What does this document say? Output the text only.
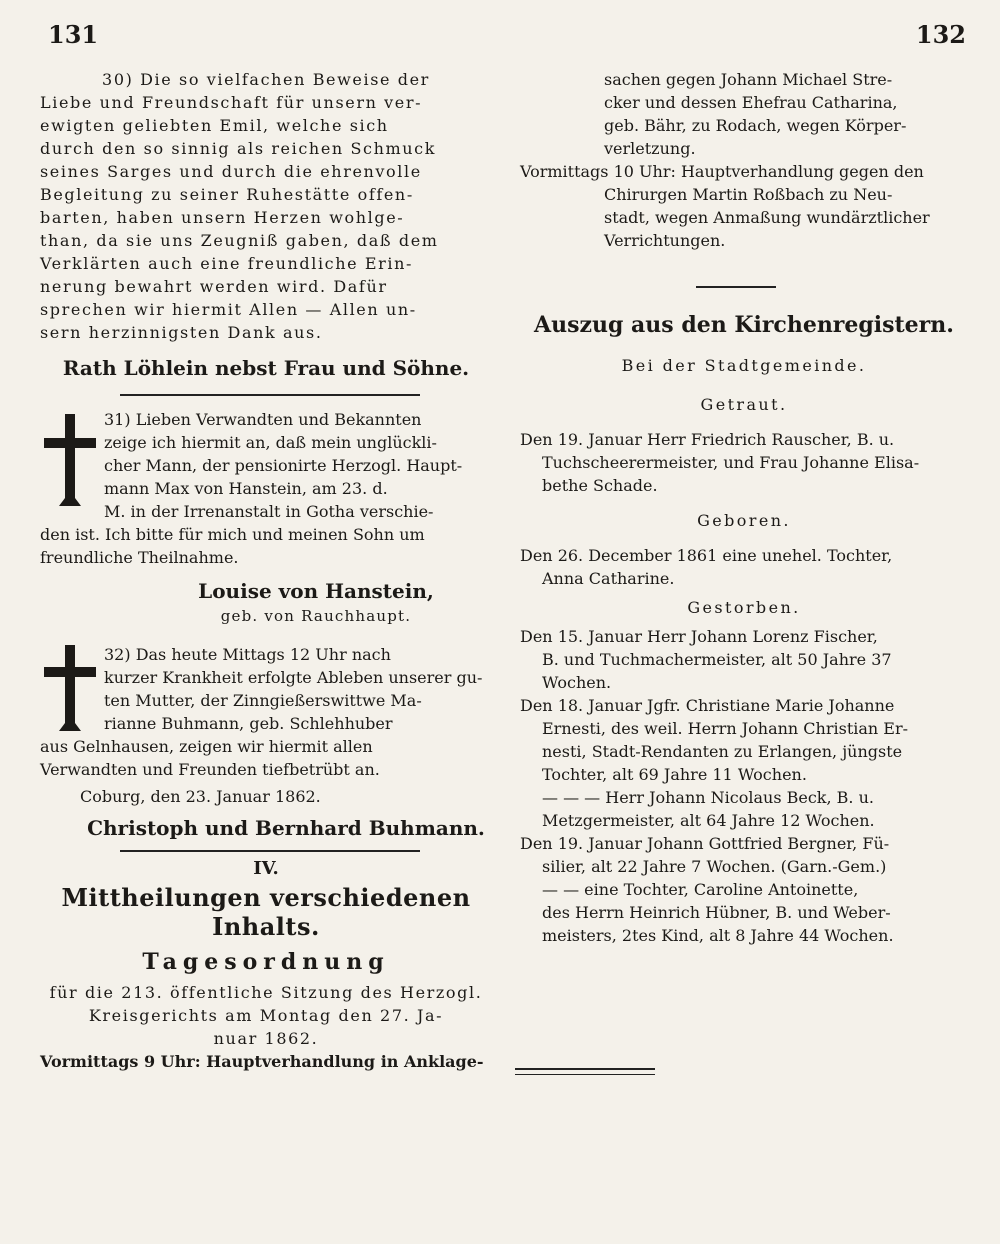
131	132

30) Die so vielfachen Beweise der

Liebe und Freundschaft für unsern ver-

ewigten geliebten Emil, welche sich

durch den so sinnig als reichen Schmuck

seines Sarges und durch die ehrenvolle

Begleitung zu seiner Ruhestätte offen-

barten, haben unsern Herzen wohlge-

than, da sie uns Zeugniß gaben, daß dem

Verklärten auch eine freundliche Erin-

nerung bewahrt werden wird. Dafür

sprechen wir hiermit Allen — Allen un-

sern herzinnigsten Dank aus.

Rath Löhlein nebst Frau und Söhne.

31) Lieben Verwandten und Bekannten

zeige ich hiermit an, daß mein unglückli-

cher Mann, der pensionirte Herzogl. Haupt-

mann Max von Hanstein, am 23. d.

M. in der Irrenanstalt in Gotha verschie-

den ist. Ich bitte für mich und meinen Sohn um

freundliche Theilnahme.

Louise von Hanstein,
geb. von Rauchhaupt.

32) Das heute Mittags 12 Uhr nach

kurzer Krankheit erfolgte Ableben unserer gu-

ten Mutter, der Zinngießerswittwe Ma-

rianne Buhmann, geb. Schlehhuber

aus Gelnhausen, zeigen wir hiermit allen

Verwandten und Freunden tiefbetrübt an.

Coburg, den 23. Januar 1862.

Christoph und Bernhard Buhmann.
IV.
Mittheilungen verschiedenen Inhalts.
Tagesordnung

für die 213. öffentliche Sitzung des Herzogl.

Kreisgerichts am Montag den 27. Ja-

nuar 1862.

Vormittags 9 Uhr: Hauptverhandlung in Anklage-

sachen gegen Johann Michael Stre-

cker und dessen Ehefrau Catharina,

geb. Bähr, zu Rodach, wegen Körper-

verletzung.

Vormittags 10 Uhr: Hauptverhandlung gegen den

Chirurgen Martin Roßbach zu Neu-

stadt, wegen Anmaßung wundärztlicher

Verrichtungen.

Auszug aus den Kirchenregistern.
Bei der Stadtgemeinde.
Getraut.

Den 19. Januar Herr Friedrich Rauscher, B. u.

Tuchscheerermeister, und Frau Johanne Elisa-

bethe Schade.

Geboren.

Den 26. December 1861 eine unehel. Tochter,

Anna Catharine.

Gestorben.

Den 15. Januar Herr Johann Lorenz Fischer,

B. und Tuchmachermeister, alt 50 Jahre 37

Wochen.

Den 18. Januar Jgfr. Christiane Marie Johanne

Ernesti, des weil. Herrn Johann Christian Er-

nesti, Stadt-Rendanten zu Erlangen, jüngste

Tochter, alt 69 Jahre 11 Wochen.

— — — Herr Johann Nicolaus Beck, B. u.

Metzgermeister, alt 64 Jahre 12 Wochen.

Den 19. Januar Johann Gottfried Bergner, Fü-

silier, alt 22 Jahre 7 Wochen. (Garn.-Gem.)

— — eine Tochter, Caroline Antoinette,

des Herrn Heinrich Hübner, B. und Weber-

meisters, 2tes Kind, alt 8 Jahre 44 Wochen.
